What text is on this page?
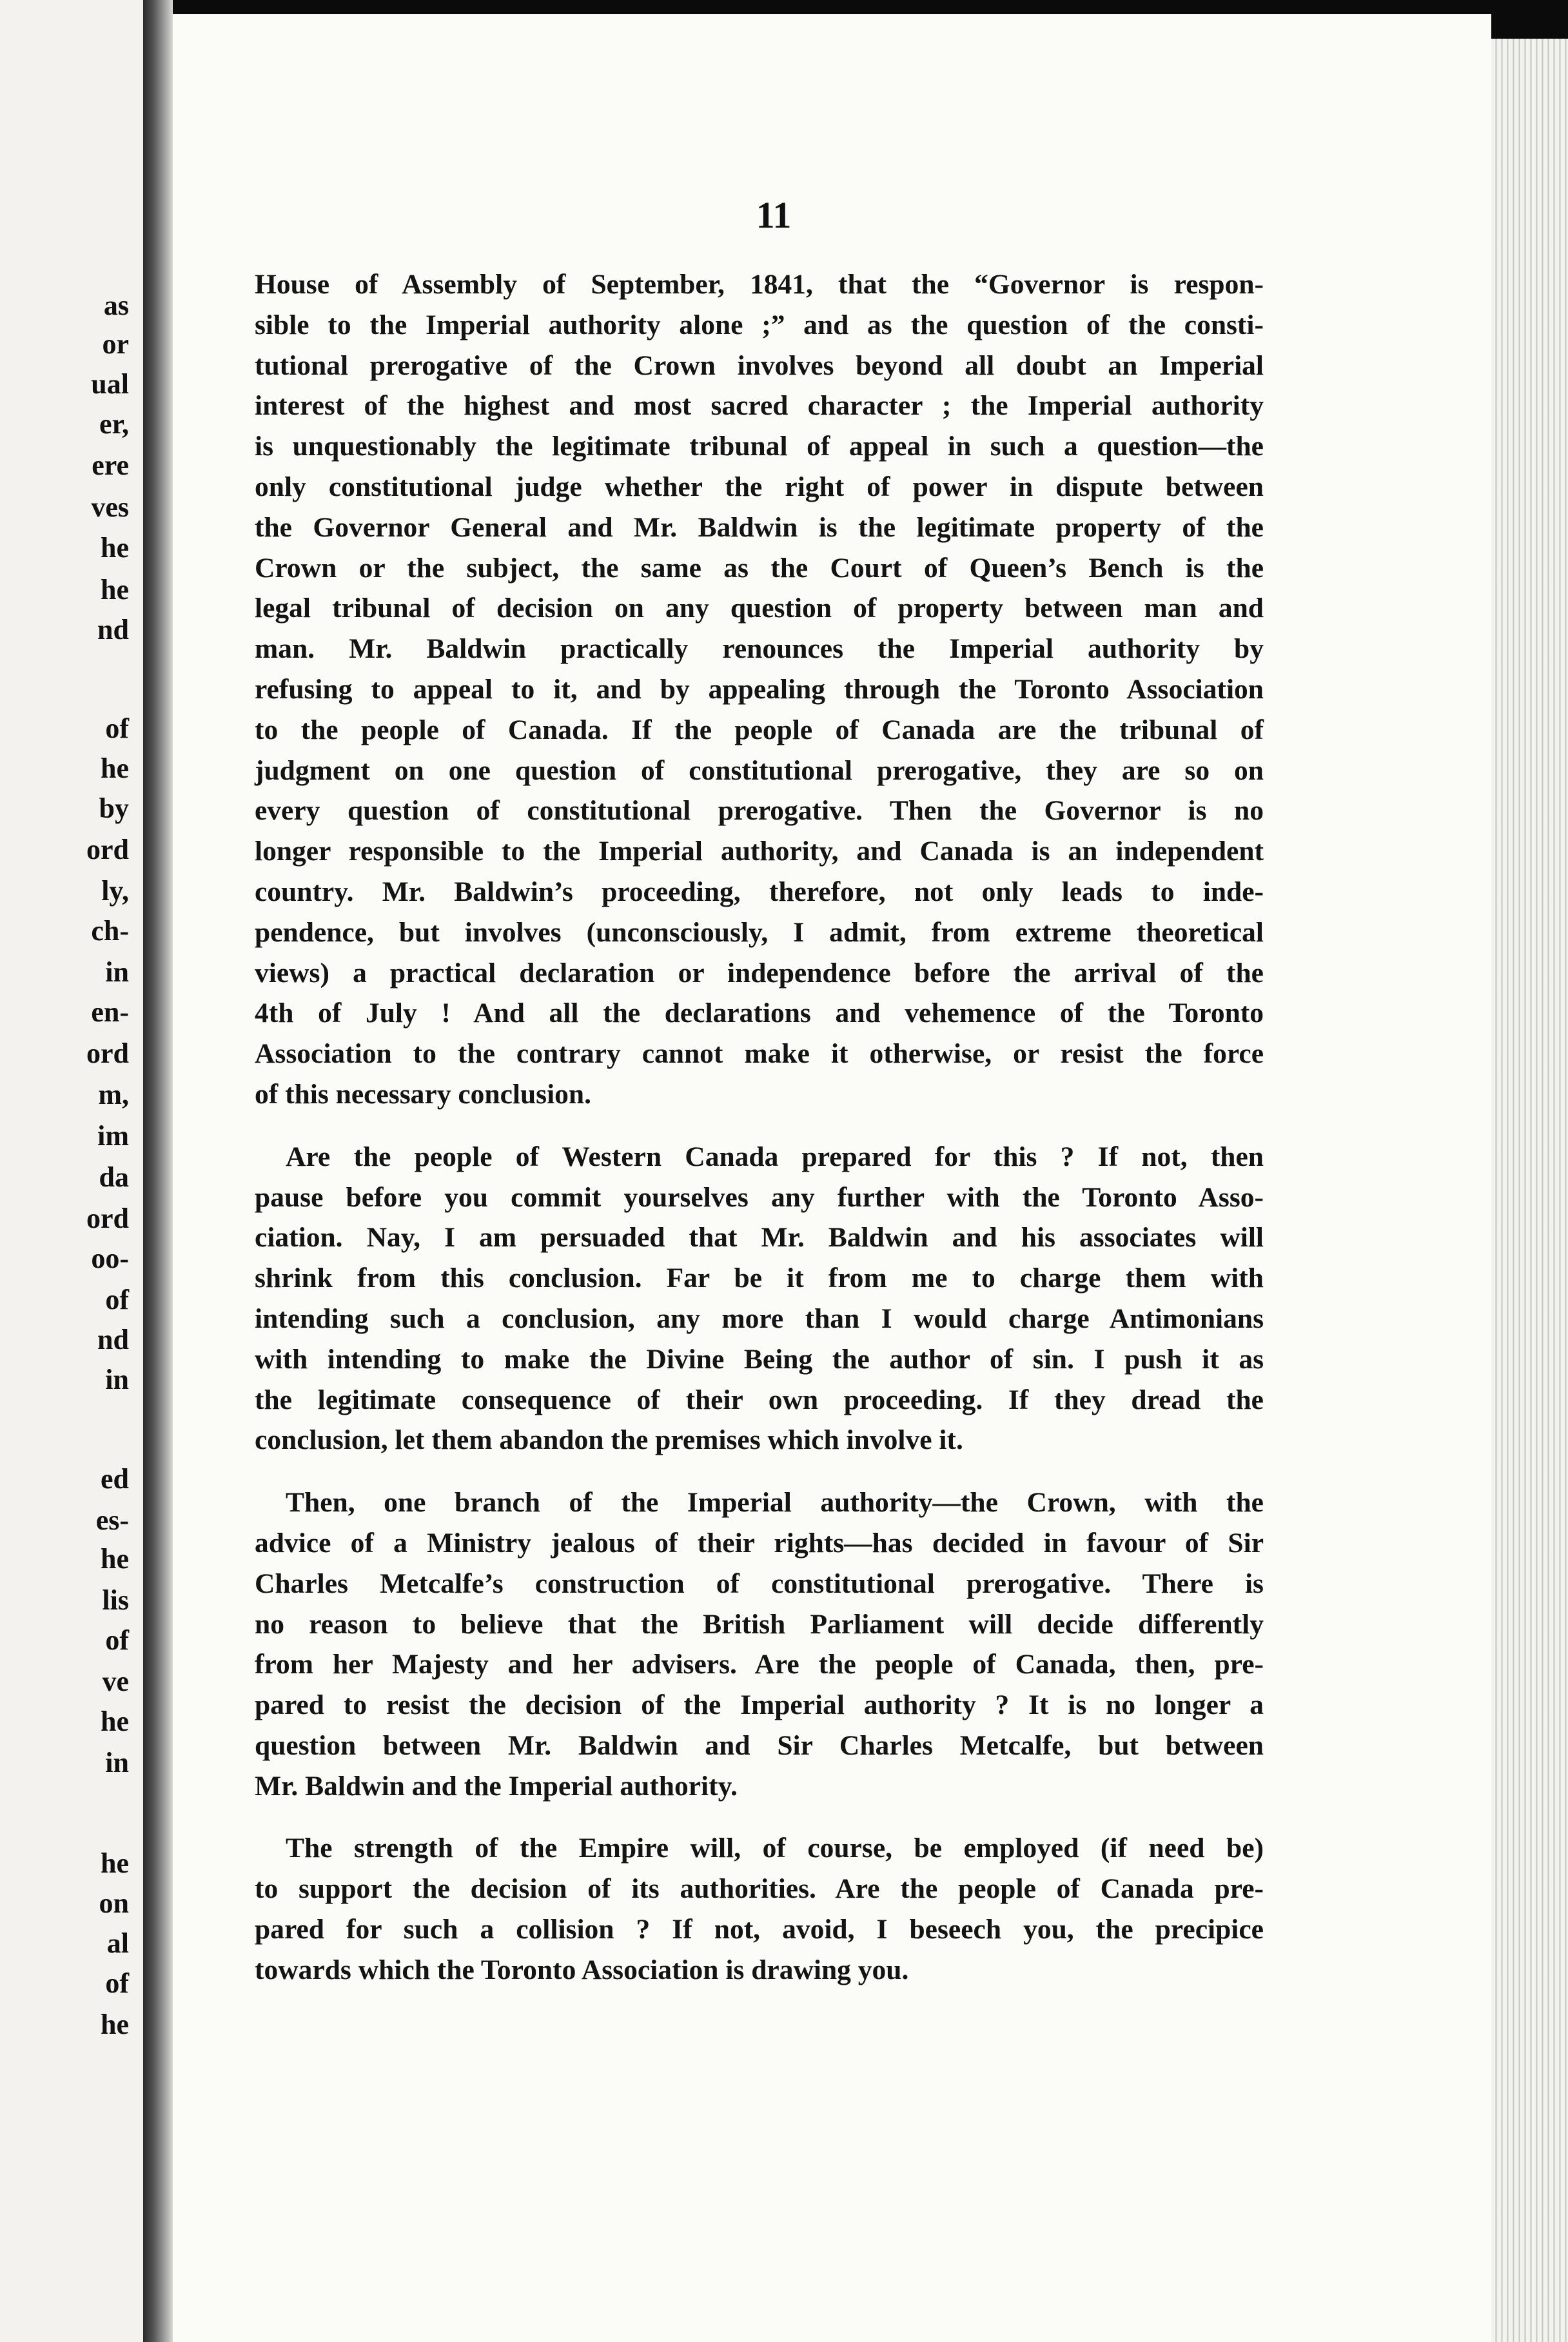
as
or
ual
er,
ere
ves
he
he
nd
of
he
by
ord
ly,
ch-
in
en-
ord
m,
im
da
ord
oo-
of
nd
in
ed
es-
he
lis
of
ve
he
in
he
on
al
of
he
11

House of Assembly of September, 1841, that the “Governor is respon-
sible to the Imperial authority alone ;” and as the question of the consti-
tutional prerogative of the Crown involves beyond all doubt an Imperial
interest of the highest and most sacred character ; the Imperial authority
is unquestionably the legitimate tribunal of appeal in such a question—the
only constitutional judge whether the right of power in dispute between
the Governor General and Mr. Baldwin is the legitimate property of the
Crown or the subject, the same as the Court of Queen’s Bench is the
legal tribunal of decision on any question of property between man and
man. Mr. Baldwin practically renounces the Imperial authority by
refusing to appeal to it, and by appealing through the Toronto Association
to the people of Canada. If the people of Canada are the tribunal of
judgment on one question of constitutional prerogative, they are so on
every question of constitutional prerogative. Then the Governor is no
longer responsible to the Imperial authority, and Canada is an independent
country. Mr. Baldwin’s proceeding, therefore, not only leads to inde-
pendence, but involves (unconsciously, I admit, from extreme theoretical
views) a practical declaration or independence before the arrival of the
4th of July ! And all the declarations and vehemence of the Toronto
Association to the contrary cannot make it otherwise, or resist the force
of this necessary conclusion.

Are the people of Western Canada prepared for this ? If not, then
pause before you commit yourselves any further with the Toronto Asso-
ciation. Nay, I am persuaded that Mr. Baldwin and his associates will
shrink from this conclusion. Far be it from me to charge them with
intending such a conclusion, any more than I would charge Antimonians
with intending to make the Divine Being the author of sin. I push it as
the legitimate consequence of their own proceeding. If they dread the
conclusion, let them abandon the premises which involve it.

Then, one branch of the Imperial authority—the Crown, with the
advice of a Ministry jealous of their rights—has decided in favour of Sir
Charles Metcalfe’s construction of constitutional prerogative. There is
no reason to believe that the British Parliament will decide differently
from her Majesty and her advisers. Are the people of Canada, then, pre-
pared to resist the decision of the Imperial authority ? It is no longer a
question between Mr. Baldwin and Sir Charles Metcalfe, but between
Mr. Baldwin and the Imperial authority.

The strength of the Empire will, of course, be employed (if need be)
to support the decision of its authorities. Are the people of Canada pre-
pared for such a collision ? If not, avoid, I beseech you, the precipice
towards which the Toronto Association is drawing you.
